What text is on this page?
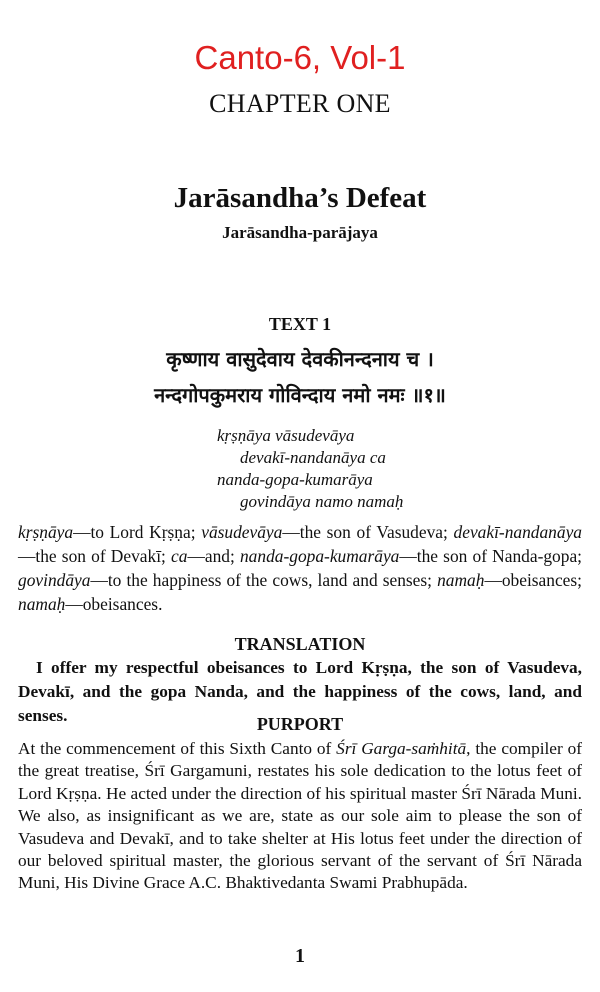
Canto-6, Vol-1
CHAPTER ONE
Jarāsandha’s Defeat
Jarāsandha-parājaya
TEXT 1
कृष्णाय वासुदेवाय देवकीनन्दनाय च ।
नन्दगोपकुमराय गोविन्दाय नमो नमः ॥१॥
kṛṣṇāya vāsudevāya
devakī-nandanāya ca
nanda-gopa-kumarāya
govindāya namo namaḥ
kṛṣṇāya—to Lord Kṛṣṇa; vāsudevāya—the son of Vasudeva; devakī-nandanāya—the son of Devakī; ca—and; nanda-gopa-kumarāya—the son of Nanda-gopa; govindāya—to the happiness of the cows, land and senses; namaḥ—obeisances; namaḥ—obeisances.
TRANSLATION
I offer my respectful obeisances to Lord Kṛṣṇa, the son of Vasudeva, Devakī, and the gopa Nanda, and the happiness of the cows, land, and senses.	PURPORT
At the commencement of this Sixth Canto of Śrī Garga-saṁhitā, the compiler of the great treatise, Śrī Gargamuni, restates his sole dedication to the lotus feet of Lord Kṛṣṇa. He acted under the direction of his spiritual master Śrī Nārada Muni. We also, as insignificant as we are, state as our sole aim to please the son of Vasudeva and Devakī, and to take shelter at His lotus feet under the direction of our beloved spiritual master, the glorious servant of the servant of Śrī Nārada Muni, His Divine Grace A.C. Bhaktivedanta Swami Prabhupāda.
1
